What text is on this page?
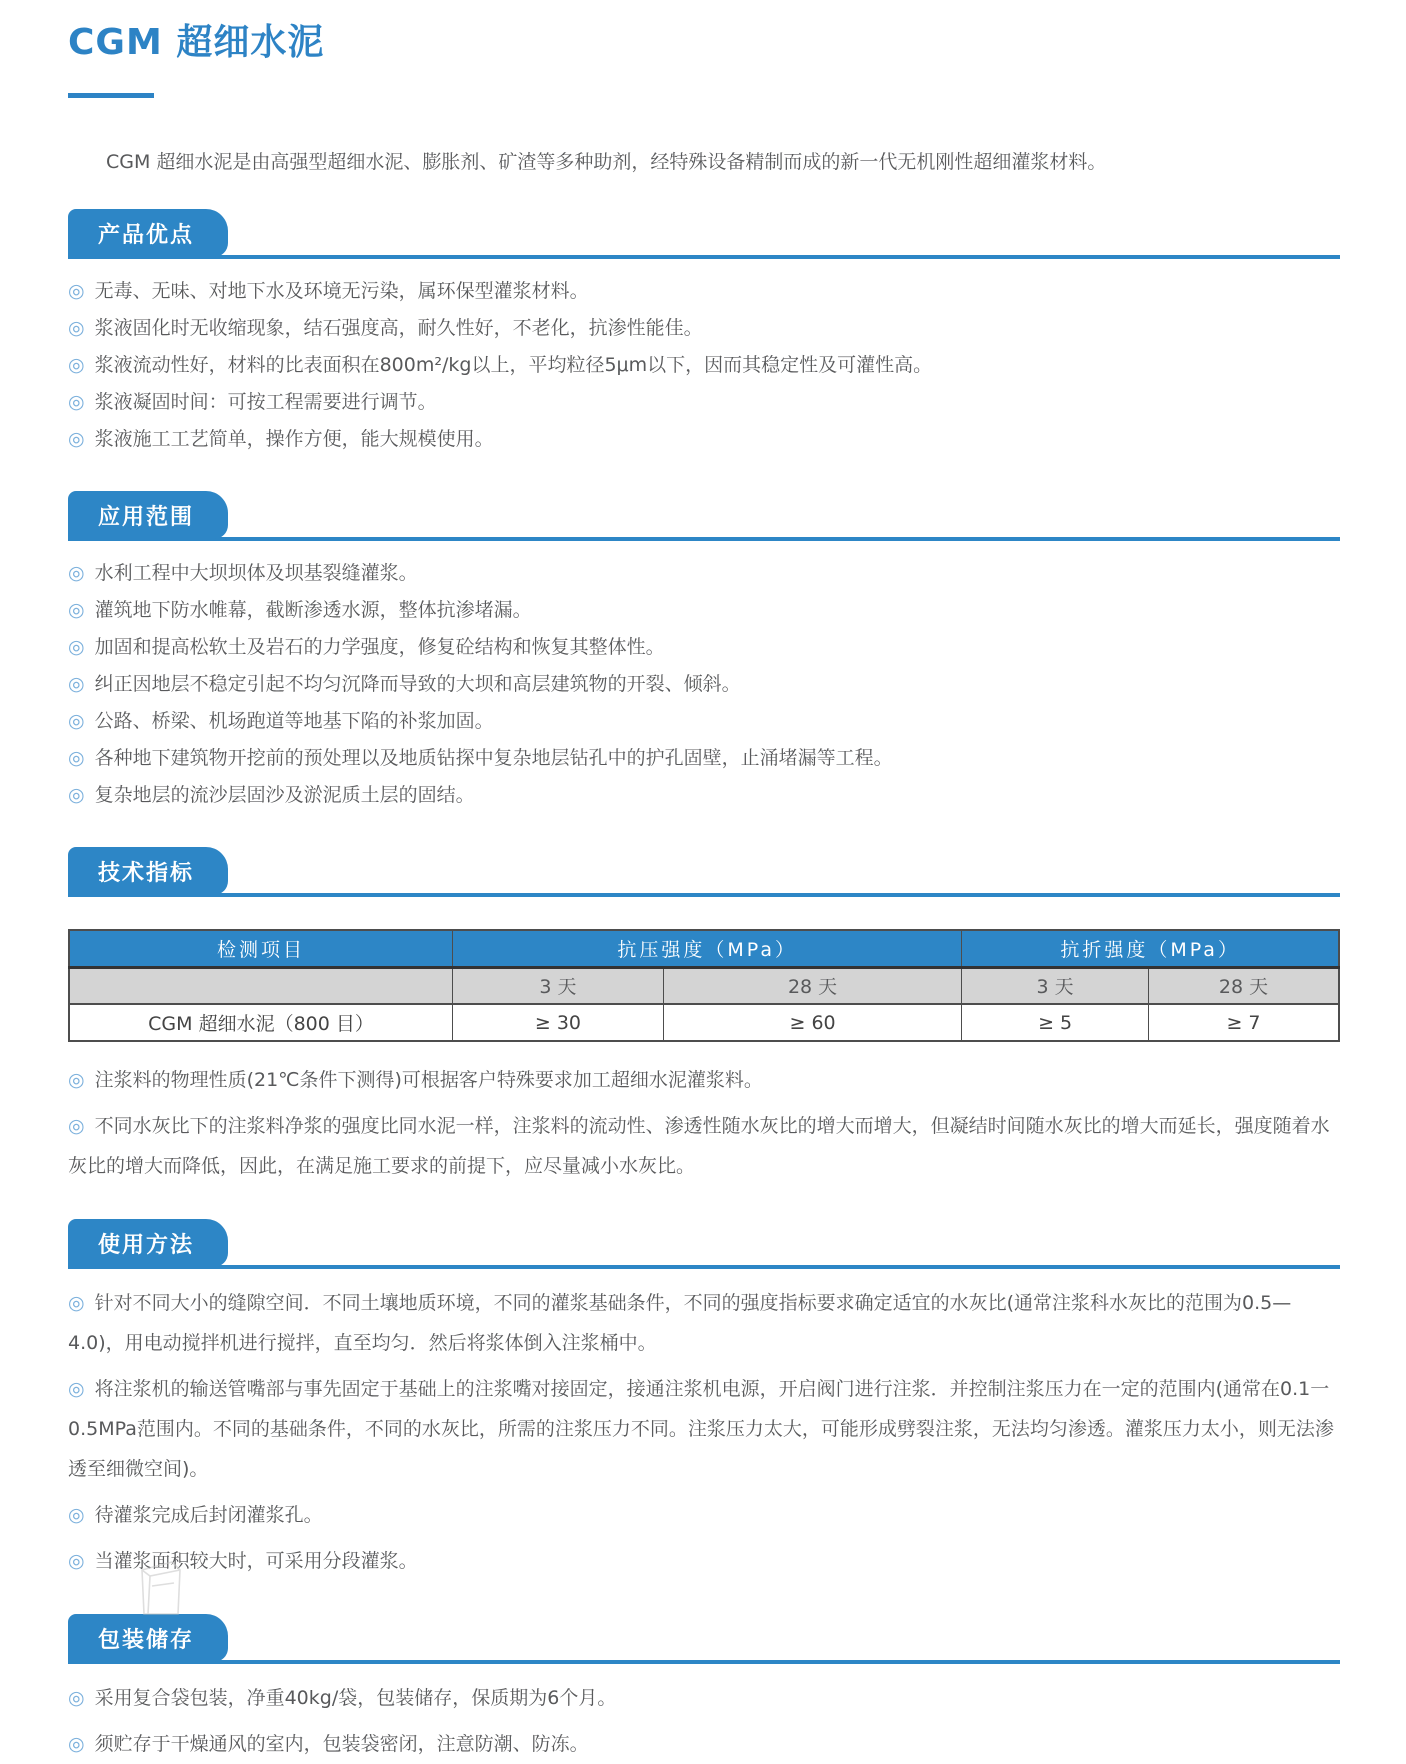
CGM 超细水泥

CGM 超细水泥是由高强型超细水泥、膨胀剂、矿渣等多种助剂，经特殊设备精制而成的新一代无机刚性超细灌浆材料。

产品优点

◎ 无毒、无味、对地下水及环境无污染，属环保型灌浆材料。

◎ 浆液固化时无收缩现象，结石强度高，耐久性好，不老化，抗渗性能佳。

◎ 浆液流动性好，材料的比表面积在800m²/kg以上，平均粒径5μm以下，因而其稳定性及可灌性高。

◎ 浆液凝固时间：可按工程需要进行调节。

◎ 浆液施工工艺简单，操作方便，能大规模使用。

应用范围

◎ 水利工程中大坝坝体及坝基裂缝灌浆。

◎ 灌筑地下防水帷幕，截断渗透水源，整体抗渗堵漏。

◎ 加固和提高松软土及岩石的力学强度，修复砼结构和恢复其整体性。

◎ 纠正因地层不稳定引起不均匀沉降而导致的大坝和高层建筑物的开裂、倾斜。

◎ 公路、桥梁、机场跑道等地基下陷的补浆加固。

◎ 各种地下建筑物开挖前的预处理以及地质钻探中复杂地层钻孔中的护孔固壁，止涌堵漏等工程。

◎ 复杂地层的流沙层固沙及淤泥质土层的固结。

技术指标
检测项目	抗压强度（MPa）		抗折强度（MPa）	
	3 天	28 天	3 天	28 天
CGM 超细水泥（800 目）	≥ 30	≥ 60	≥ 5	≥ 7

◎ 注浆料的物理性质(21℃条件下测得)可根据客户特殊要求加工超细水泥灌浆料。

◎ 不同水灰比下的注浆料净浆的强度比同水泥一样，注浆料的流动性、渗透性随水灰比的增大而增大，但凝结时间随水灰比的增大而延长，强度随着水灰比的增大而降低，因此，在满足施工要求的前提下，应尽量减小水灰比。

使用方法

◎ 针对不同大小的缝隙空间．不同土壤地质环境，不同的灌浆基础条件，不同的强度指标要求确定适宜的水灰比(通常注浆科水灰比的范围为0.5—4.0)，用电动搅拌机进行搅拌，直至均匀．然后将浆体倒入注浆桶中。

◎ 将注浆机的输送管嘴部与事先固定于基础上的注浆嘴对接固定，接通注浆机电源，开启阀门进行注浆．并控制注浆压力在一定的范围内(通常在0.1一0.5MPa范围内。不同的基础条件，不同的水灰比，所需的注浆压力不同。注浆压力太大，可能形成劈裂注浆，无法均匀渗透。灌浆压力太小，则无法渗透至细微空间)。

◎ 待灌浆完成后封闭灌浆孔。

◎ 当灌浆面积较大时，可采用分段灌浆。

包装储存

◎ 采用复合袋包装，净重40kg/袋，包装储存，保质期为6个月。

◎ 须贮存于干燥通风的室内，包装袋密闭，注意防潮、防冻。
